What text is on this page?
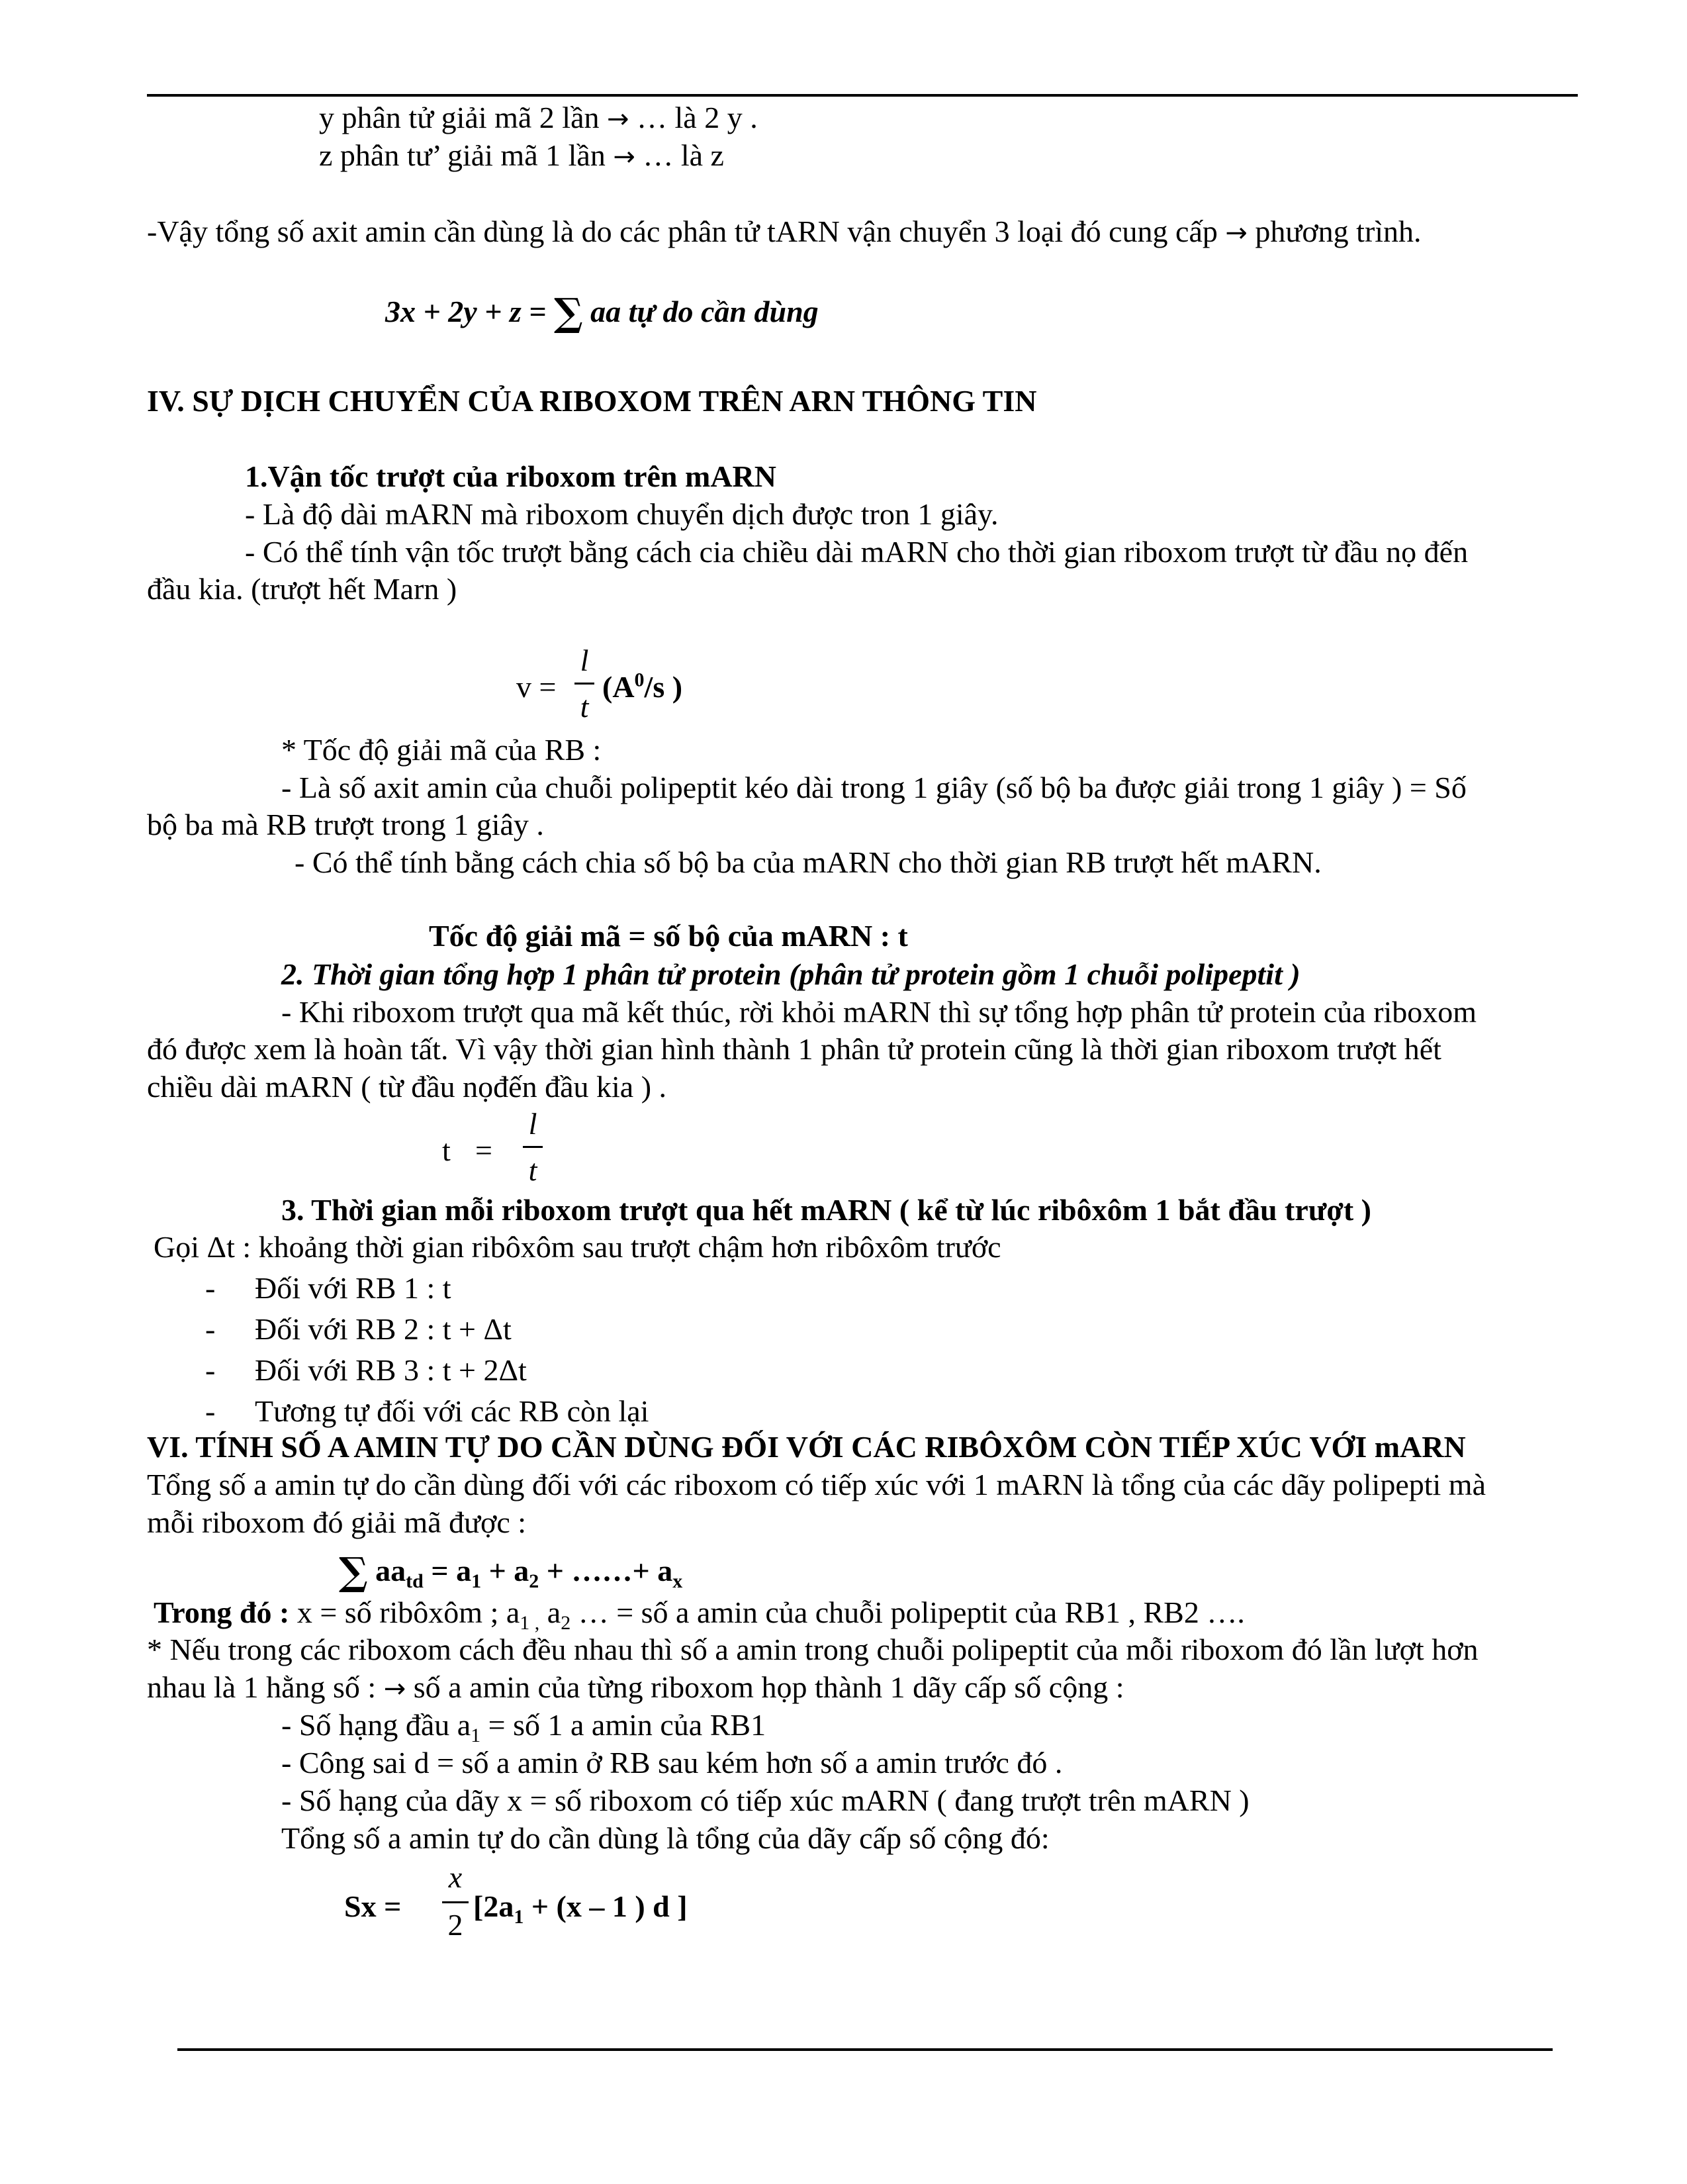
y phân tử giải mã 2 lần → … là 2 y .
z phân tư’ giải mã 1 lần → … là z
-Vậy tổng số axit amin cần dùng là do các phân tử tARN vận chuyển 3 loại đó cung cấp → phương trình.
3x + 2y + z = ∑ aa tự do cần dùng
IV. SỰ DỊCH CHUYỂN CỦA RIBOXOM TRÊN ARN THÔNG TIN
1.Vận tốc trượt của riboxom trên mARN
- Là độ dài mARN mà riboxom chuyển dịch được tron 1 giây.
- Có thể tính vận tốc trượt bằng cách cia chiều dài mARN cho thời gian riboxom trượt từ đầu nọ đến
đầu kia. (trượt hết Marn )
v =
l
t
($A^0/s$ )
* Tốc độ giải mã của RB :
- Là số axit amin của chuỗi polipeptit kéo dài trong 1 giây (số bộ ba được giải trong 1 giây ) = Số
bộ ba mà RB trượt trong 1 giây .
- Có thể tính bằng cách chia số bộ ba của mARN cho thời gian RB trượt hết mARN.
Tốc độ giải mã = số bộ của mARN : t
2. Thời gian tổng hợp 1 phân tử protein (phân tử protein gồm 1 chuỗi polipeptit )
- Khi riboxom trượt qua mã kết thúc, rời khỏi mARN thì sự tổng hợp phân tử protein của riboxom
đó được xem là hoàn tất. Vì vậy thời gian hình thành 1 phân tử protein cũng là thời gian riboxom trượt hết
chiều dài mARN ( từ đầu nọđến đầu kia ) .
t =
l
t
3. Thời gian mỗi riboxom trượt qua hết mARN ( kể từ lúc ribôxôm 1 bắt đầu trượt )
Gọi Δt : khoảng thời gian ribôxôm sau trượt chậm hơn ribôxôm trước
- Đối với RB 1 : t
- Đối với RB 2 : t + Δt
- Đối với RB 3 : t + 2Δt
- Tương tự đối với các RB còn lại
VI. TÍNH SỐ A AMIN TỰ DO CẦN DÙNG ĐỐI VỚI CÁC RIBÔXÔM CÒN TIẾP XÚC VỚI mARN
Tổng số a amin tự do cần dùng đối với các riboxom có tiếp xúc với 1 mARN là tổng của các dãy polipepti mà
mỗi riboxom đó giải mã được :
∑ $aa_{td} = a_1 + a_2$ + ……+ $a_x$
Trong đó : x = số ribôxôm ; $a_{1 ,}$ $a_2$ … = số a amin của chuỗi polipeptit của RB1 , RB2 ….
* Nếu trong các riboxom cách đều nhau thì số a amin trong chuỗi polipeptit của mỗi riboxom đó lần lượt hơn
nhau là 1 hằng số : → số a amin của từng riboxom họp thành 1 dãy cấp số cộng :
- Số hạng đầu $a_1$ = số 1 a amin của RB1
- Công sai d = số a amin ở RB sau kém hơn số a amin trước đó .
- Số hạng của dãy x = số riboxom có tiếp xúc mARN ( đang trượt trên mARN )
Tổng số a amin tự do cần dùng là tổng của dãy cấp số cộng đó:
Sx =
x
2
[$2a_1 + (x - 1$ ) d ]
